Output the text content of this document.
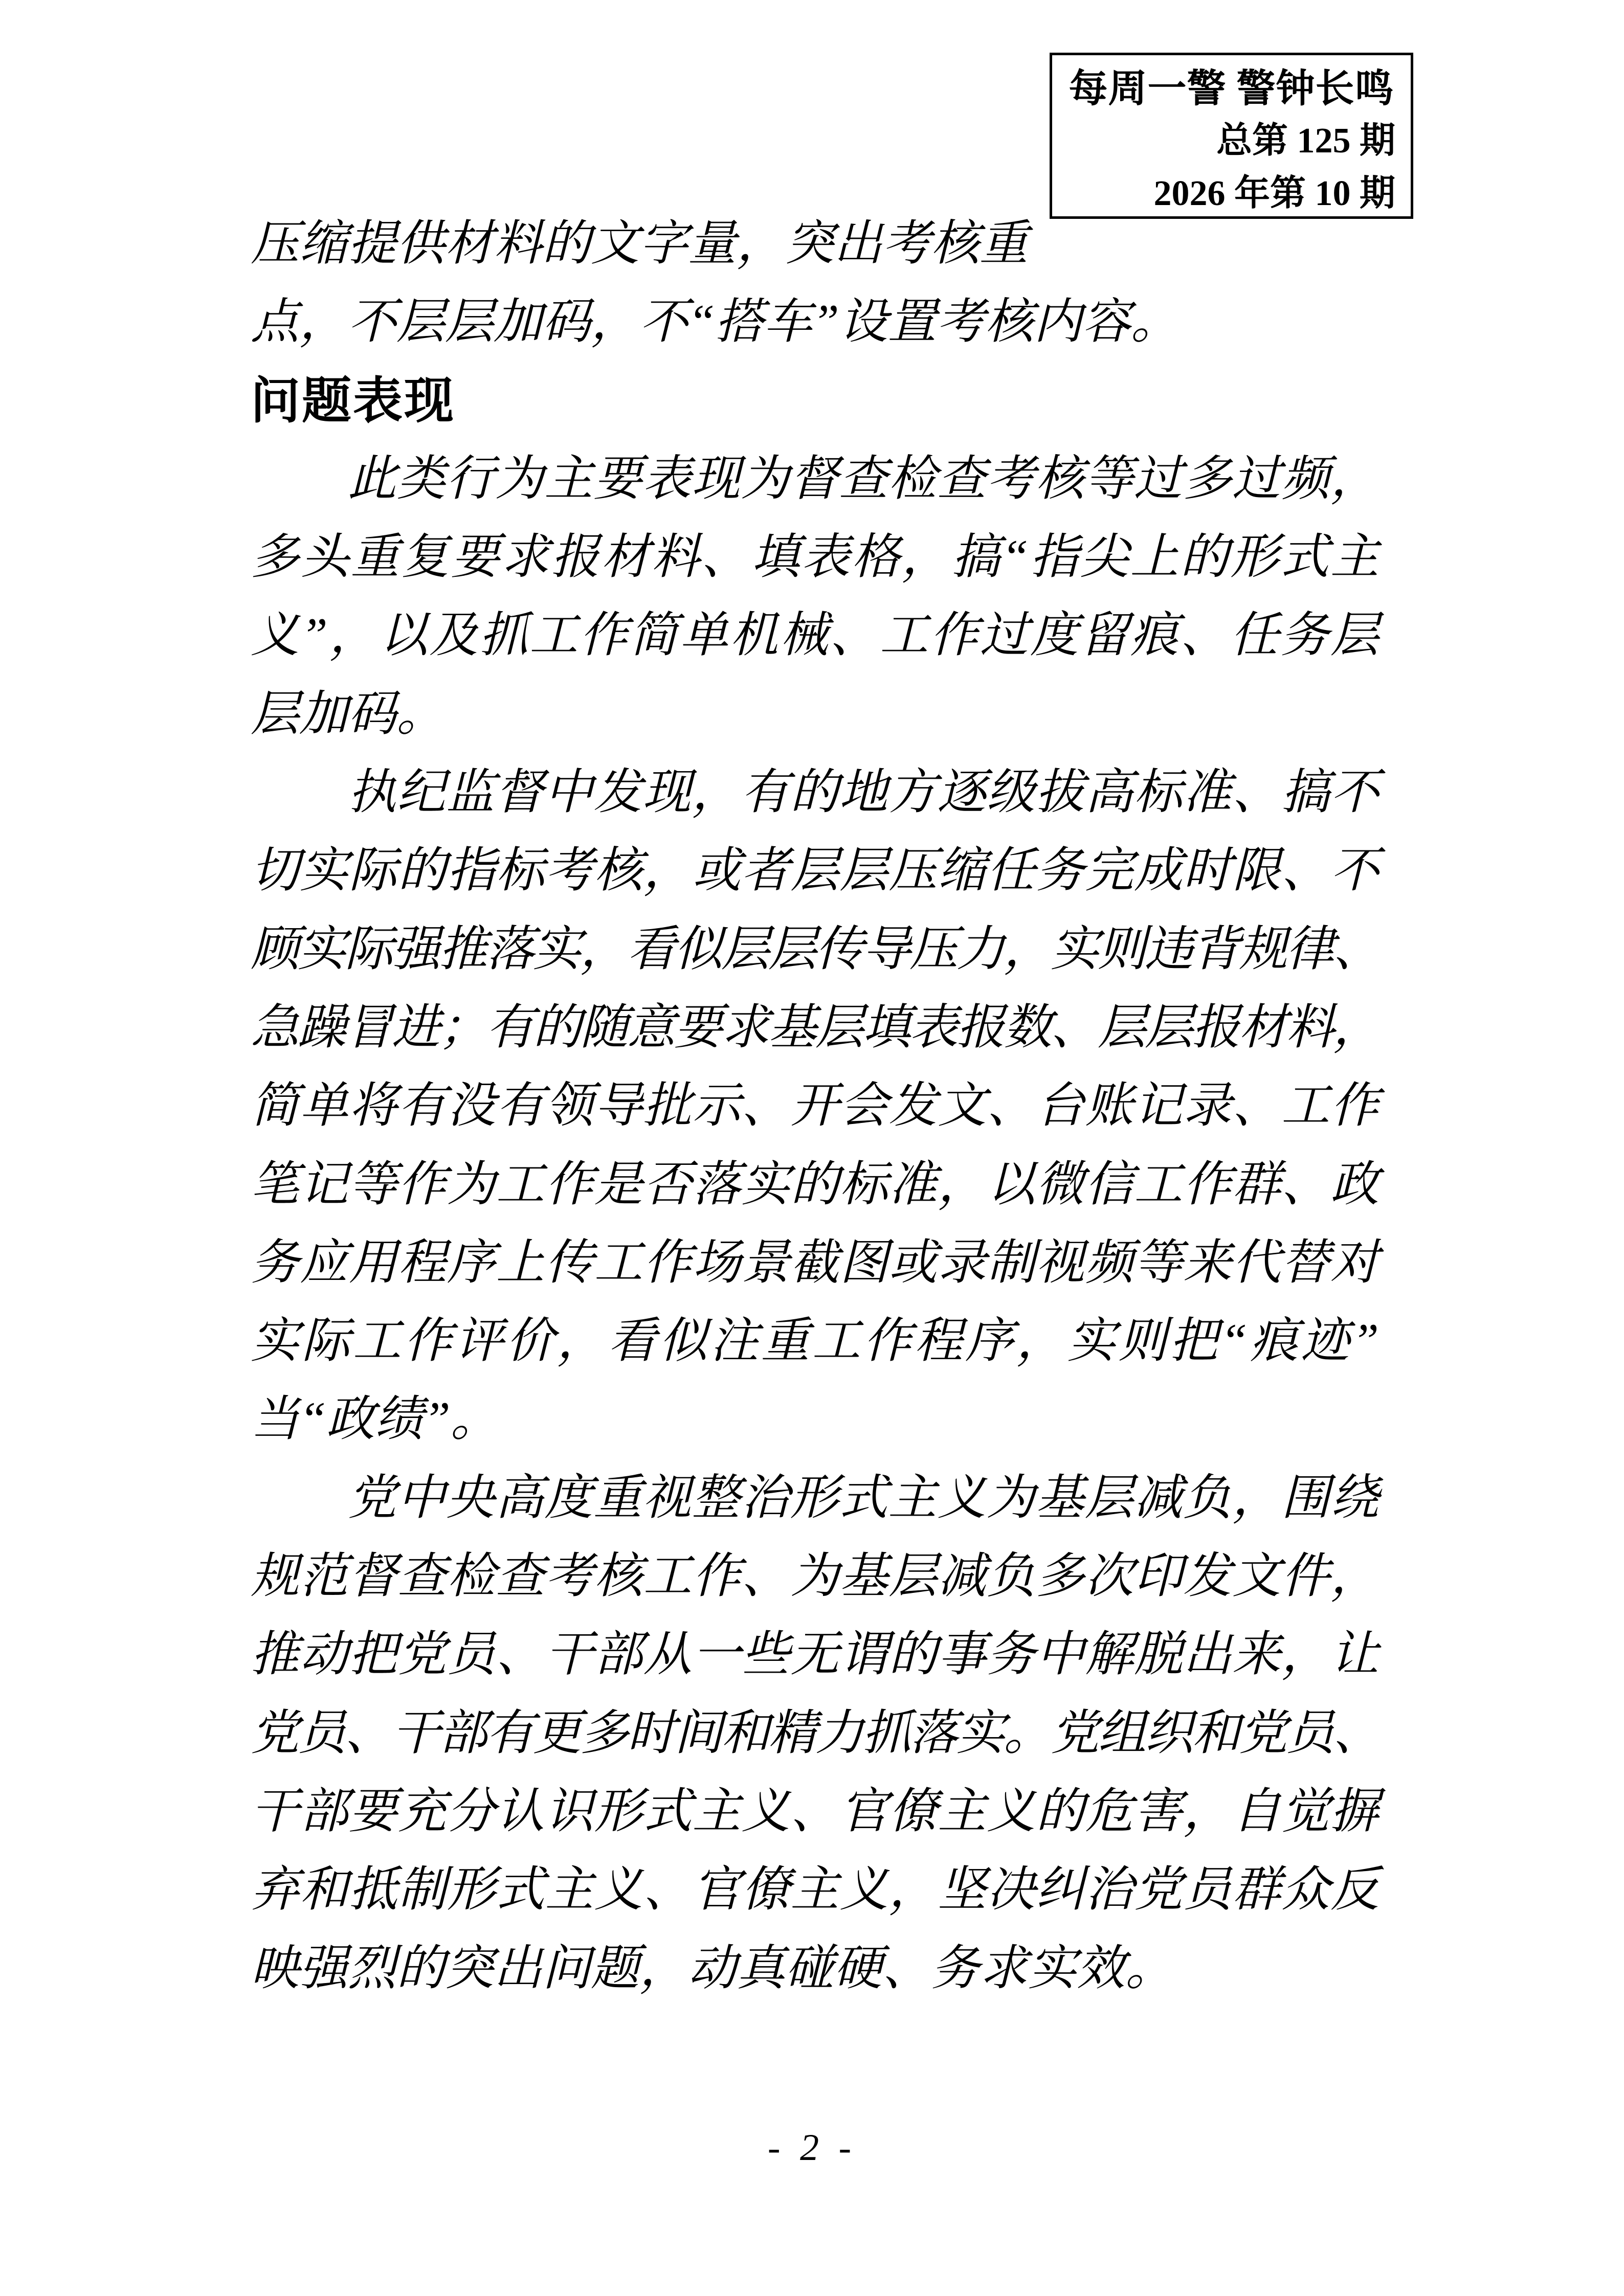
每周一警 警钟长鸣
总第 125 期
2026 年第 10 期
压缩提供材料的文字量，突出考核重
点，不层层加码，不“搭车”设置考核内容。
问题表现
此类行为主要表现为督查检查考核等过多过频，
多头重复要求报材料、填表格，搞“指尖上的形式主
义”，以及抓工作简单机械、工作过度留痕、任务层
层加码。
执纪监督中发现，有的地方逐级拔高标准、搞不
切实际的指标考核，或者层层压缩任务完成时限、不
顾实际强推落实，看似层层传导压力，实则违背规律、
急躁冒进；有的随意要求基层填表报数、层层报材料，
简单将有没有领导批示、开会发文、台账记录、工作
笔记等作为工作是否落实的标准，以微信工作群、政
务应用程序上传工作场景截图或录制视频等来代替对
实际工作评价，看似注重工作程序，实则把“痕迹”
当“政绩”。
党中央高度重视整治形式主义为基层减负，围绕
规范督查检查考核工作、为基层减负多次印发文件，
推动把党员、干部从一些无谓的事务中解脱出来，让
党员、干部有更多时间和精力抓落实。党组织和党员、
干部要充分认识形式主义、官僚主义的危害，自觉摒
弃和抵制形式主义、官僚主义，坚决纠治党员群众反
映强烈的突出问题，动真碰硬、务求实效。
- 2 -
